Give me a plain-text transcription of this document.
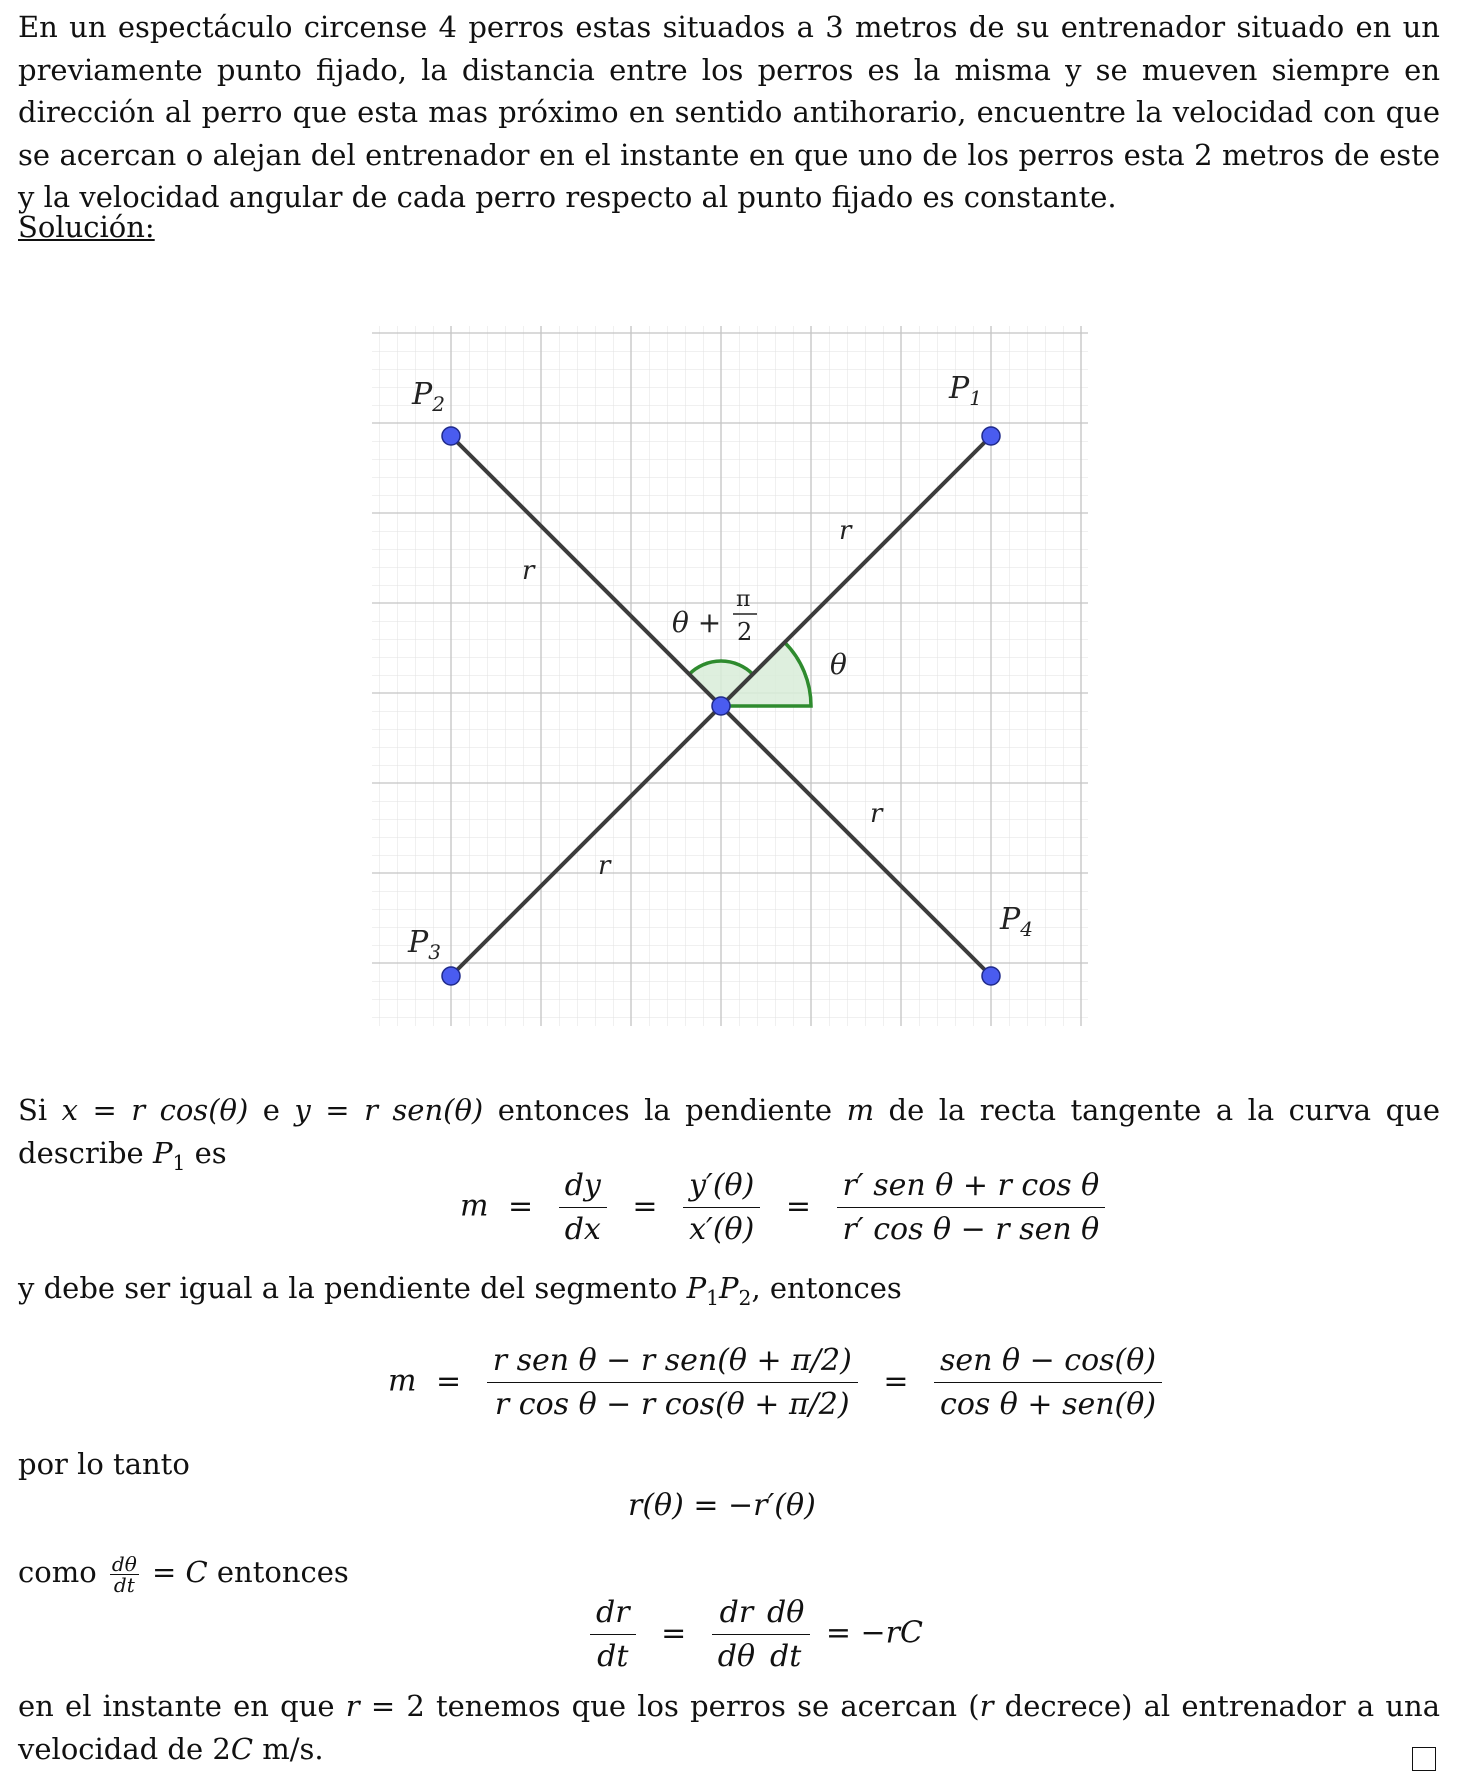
En un espectáculo circense 4 perros estas situados a 3 metros de su entrenador situado en un previamente punto fijado, la distancia entre los perros es la misma y se mueven siempre en dirección al perro que esta mas próximo en sentido antihorario, encuentre la velocidad con que se acercan o alejan del entrenador en el instante en que uno de los perros esta 2 metros de este y la velocidad angular de cada perro respecto al punto fijado es constante.
Solución:
$P_1$
$P_2$
$P_3$
$P_4$
r
r
r
r
θ
θ +
π
2
Si x = r cos(θ) e y = r sen(θ) entonces la pendiente m de la recta tangente a la curva que describe $P_1$ es
$m = \frac{dy}{dx} = \frac{y'(\theta)}{x'(\theta)} = \frac{\text{r′ sen θ + r cos θ}}{\text{r′ cos θ − r sen θ}}$
y debe ser igual a la pendiente del segmento $P_1P_2$, entonces
$m = \frac{\text{r sen θ − r sen(θ + π/2)}}{\text{r cos θ − r cos(θ + π/2)}} = \frac{\text{sen θ − cos(θ)}}{\text{cos θ + sen(θ)}}$
por lo tanto
r(θ) = −r′(θ)
como $\frac{d\theta}{dt} = C$ entonces
$\frac{dr}{dt} = \frac{dr}{d\theta} \frac{d\theta}{dt} = -rC$
en el instante en que r = 2 tenemos que los perros se acercan (r decrece) al entrenador a una velocidad de 2C m/s.
